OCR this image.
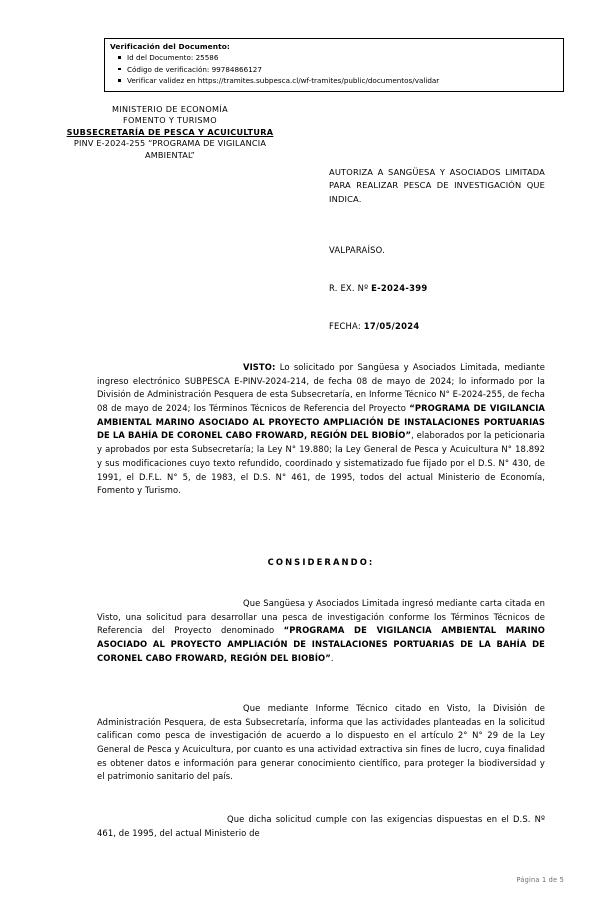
Verificación del Documento:
Id del Documento: 25586
Código de verificación: 99784866127
Verificar validez en https://tramites.subpesca.cl/wf-tramites/public/documentos/validar
MINISTERIO DE ECONOMÍA
FOMENTO Y TURISMO
SUBSECRETARÍA DE PESCA Y ACUICULTURA
PINV E-2024-255 “PROGRAMA DE VIGILANCIA
AMBIENTAL”
AUTORIZA A SANGÜESA Y ASOCIADOS LIMITADA PARA REALIZAR PESCA DE INVESTIGACIÓN QUE INDICA.
VALPARAÍSO.
R. EX. Nº E-2024-399
FECHA: 17/05/2024
VISTO: Lo solicitado por Sangüesa y Asociados Limitada, mediante ingreso electrónico SUBPESCA E-PINV-2024-214, de fecha 08 de mayo de 2024; lo informado por la División de Administración Pesquera de esta Subsecretaría, en Informe Técnico N° E-2024-255, de fecha 08 de mayo de 2024; los Términos Técnicos de Referencia del Proyecto “PROGRAMA DE VIGILANCIA AMBIENTAL MARINO ASOCIADO AL PROYECTO AMPLIACIÓN DE INSTALACIONES PORTUARIAS DE LA BAHÍA DE CORONEL CABO FROWARD, REGIÓN DEL BIOBÍO”, elaborados por la peticionaria y aprobados por esta Subsecretaría; la Ley N° 19.880; la Ley General de Pesca y Acuicultura N° 18.892 y sus modificaciones cuyo texto refundido, coordinado y sistematizado fue fijado por el D.S. N° 430, de 1991, el D.F.L. N° 5, de 1983, el D.S. N° 461, de 1995, todos del actual Ministerio de Economía, Fomento y Turismo.
CONSIDERANDO:
Que Sangüesa y Asociados Limitada ingresó mediante carta citada en Visto, una solicitud para desarrollar una pesca de investigación conforme los Términos Técnicos de Referencia del Proyecto denominado “PROGRAMA DE VIGILANCIA AMBIENTAL MARINO ASOCIADO AL PROYECTO AMPLIACIÓN DE INSTALACIONES PORTUARIAS DE LA BAHÍA DE CORONEL CABO FROWARD, REGIÓN DEL BIOBÍO”.
Que mediante Informe Técnico citado en Visto, la División de Administración Pesquera, de esta Subsecretaría, informa que las actividades planteadas en la solicitud califican como pesca de investigación de acuerdo a lo dispuesto en el artículo 2° N° 29 de la Ley General de Pesca y Acuicultura, por cuanto es una actividad extractiva sin fines de lucro, cuya finalidad es obtener datos e información para generar conocimiento científico, para proteger la biodiversidad y el patrimonio sanitario del país.
Que dicha solicitud cumple con las exigencias dispuestas en el D.S. Nº 461, de 1995, del actual Ministerio de
Página 1 de 5
